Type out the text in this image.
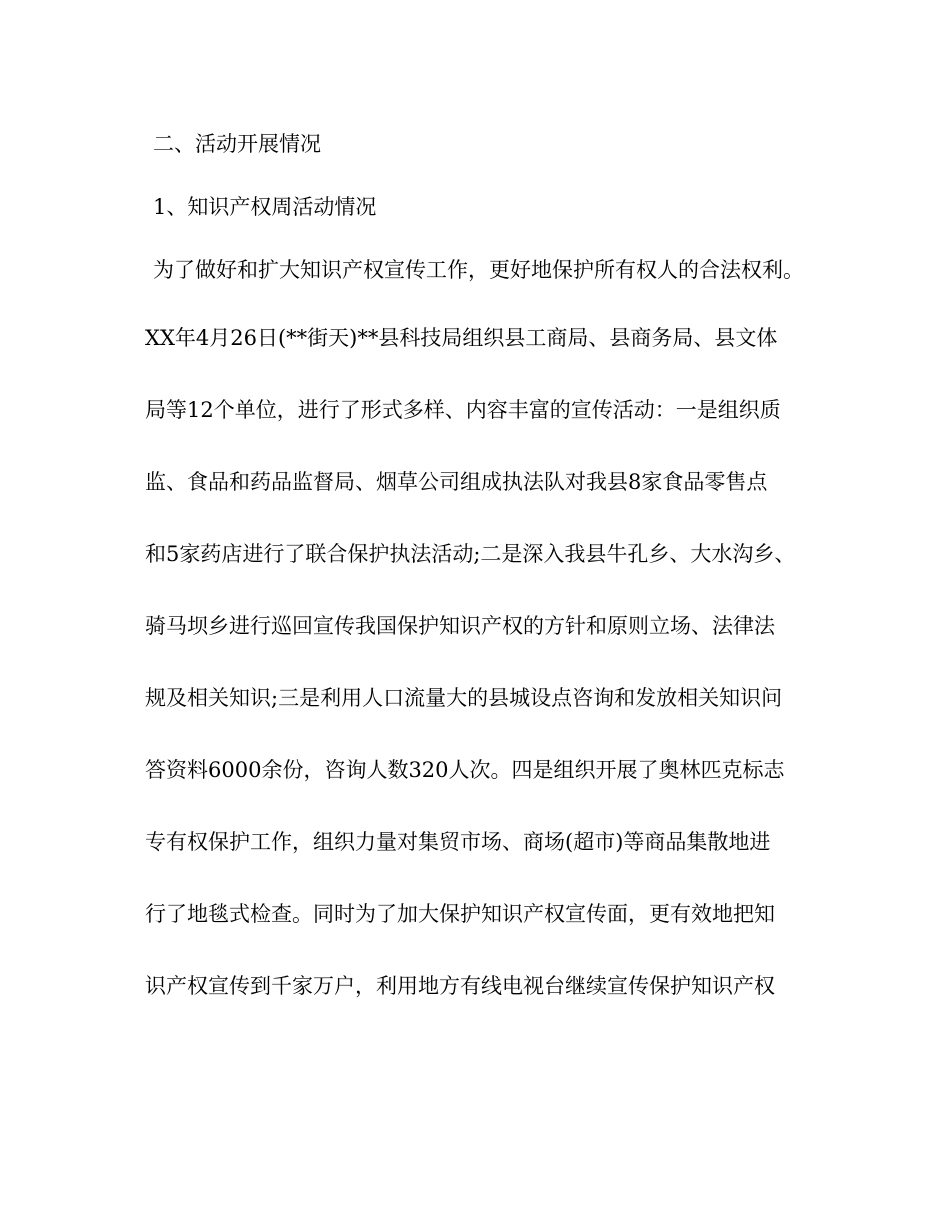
二、活动开展情况
1、知识产权周活动情况
为了做好和扩大知识产权宣传工作，更好地保护所有权人的合法权利。
XX年4月26日(**街天)**县科技局组织县工商局、县商务局、县文体
局等12个单位，进行了形式多样、内容丰富的宣传活动：一是组织质
监、食品和药品监督局、烟草公司组成执法队对我县8家食品零售点
和5家药店进行了联合保护执法活动;二是深入我县牛孔乡、大水沟乡、
骑马坝乡进行巡回宣传我国保护知识产权的方针和原则立场、法律法
规及相关知识;三是利用人口流量大的县城设点咨询和发放相关知识问
答资料6000余份，咨询人数320人次。四是组织开展了奥林匹克标志
专有权保护工作，组织力量对集贸市场、商场(超市)等商品集散地进
行了地毯式检查。同时为了加大保护知识产权宣传面，更有效地把知
识产权宣传到千家万户，利用地方有线电视台继续宣传保护知识产权
